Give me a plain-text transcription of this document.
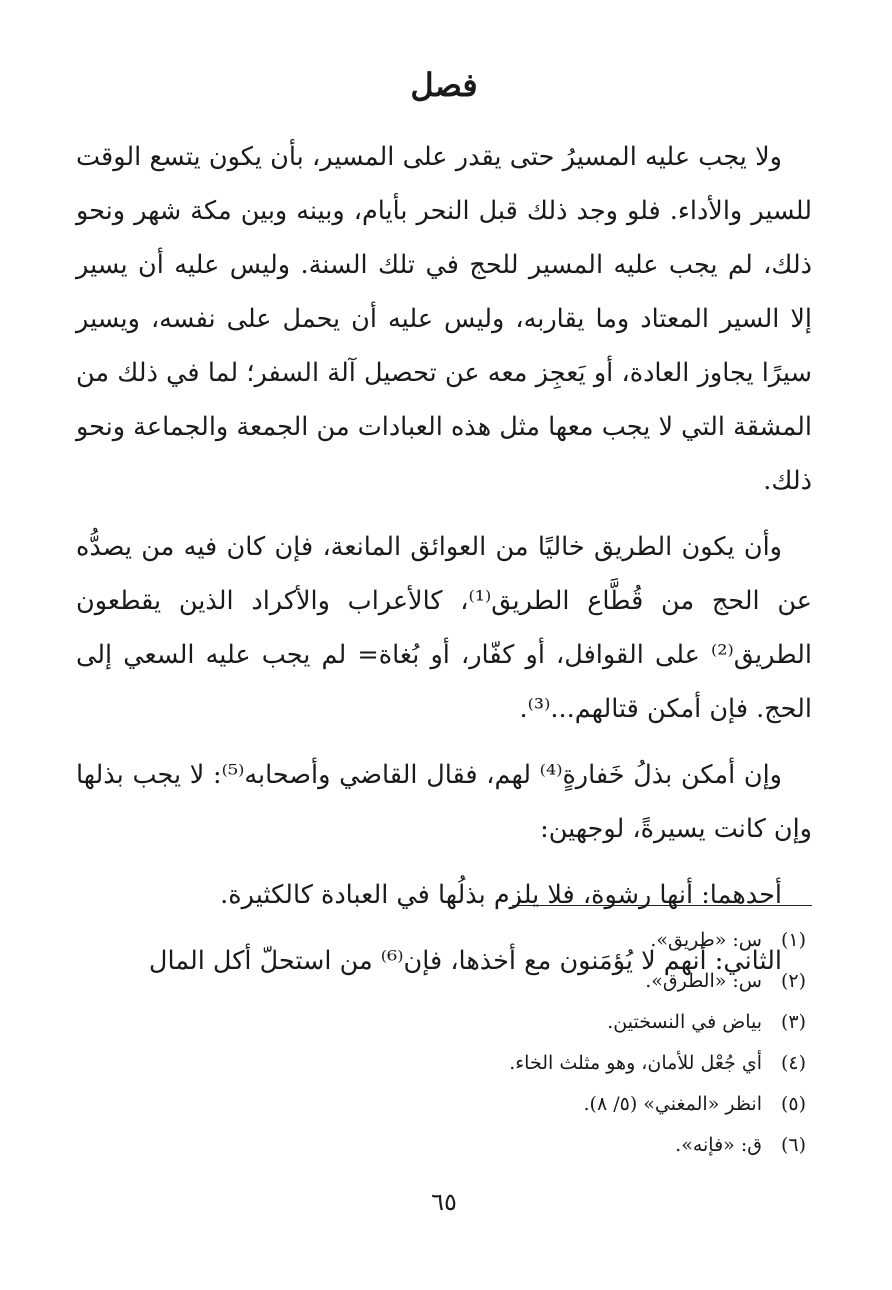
فصل

ولا يجب عليه المسيرُ حتى يقدر على المسير، بأن يكون يتسع الوقت للسير والأداء. فلو وجد ذلك قبل النحر بأيام، وبينه وبين مكة شهر ونحو ذلك، لم يجب عليه المسير للحج في تلك السنة. وليس عليه أن يسير إلا السير المعتاد وما يقاربه، وليس عليه أن يحمل على نفسه، ويسير سيرًا يجاوز العادة، أو يَعجِز معه عن تحصيل آلة السفر؛ لما في ذلك من المشقة التي لا يجب معها مثل هذه العبادات من الجمعة والجماعة ونحو ذلك.

وأن يكون الطريق خاليًا من العوائق المانعة، فإن كان فيه من يصدُّه عن الحج من قُطَّاع الطريق⁽¹⁾، كالأعراب والأكراد الذين يقطعون الطريق⁽²⁾ على القوافل، أو كفّار، أو بُغاة= لم يجب عليه السعي إلى الحج. فإن أمكن قتالهم...⁽³⁾.

وإن أمكن بذلُ خَفارةٍ⁽⁴⁾ لهم، فقال القاضي وأصحابه⁽⁵⁾: لا يجب بذلها وإن كانت يسيرةً، لوجهين:

أحدهما: أنها رشوة، فلا يلزم بذلُها في العبادة كالكثيرة.

الثاني: أنهم لا يُؤمَنون مع أخذها، فإن⁽⁶⁾ من استحلّ أكل المال

(١)س: «طريق».
(٢)س: «الطرق».
(٣)بياض في النسختين.
(٤)أي جُعْل للأمان، وهو مثلث الخاء.
(٥)انظر «المغني» (٥/ ٨).
(٦)ق: «فإنه».
٦٥
